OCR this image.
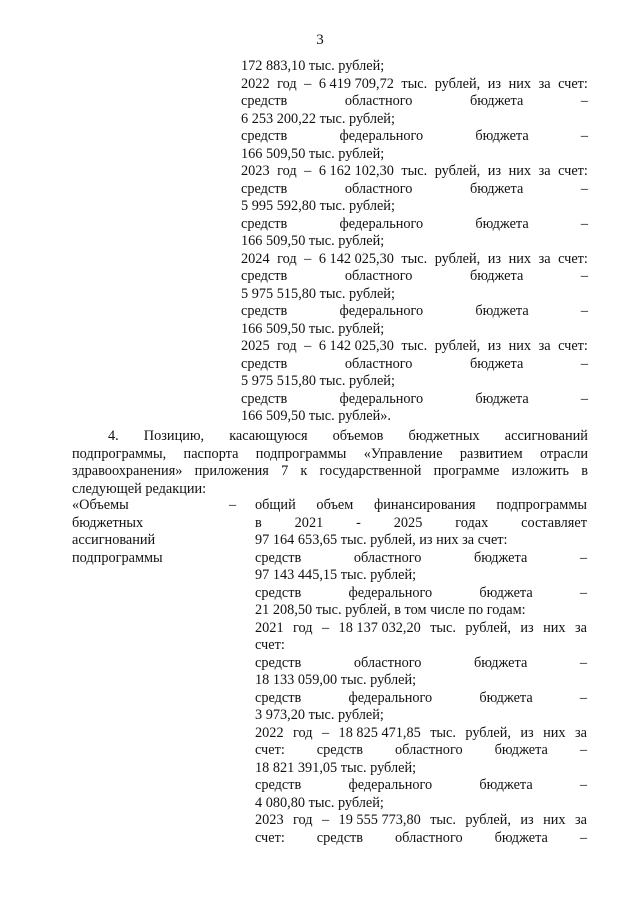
3
172 883,10 тыс. рублей;
2022 год – 6 419 709,72 тыс. рублей, из них за счет:
средств	областного	бюджета	–
6 253 200,22 тыс. рублей;
средств	федерального	бюджета	–
166 509,50 тыс. рублей;
2023 год – 6 162 102,30 тыс. рублей, из них за счет:
средств	областного	бюджета	–
5 995 592,80 тыс. рублей;
средств	федерального	бюджета	–
166 509,50 тыс. рублей;
2024 год – 6 142 025,30 тыс. рублей, из них за счет:
средств	областного	бюджета	–
5 975 515,80 тыс. рублей;
средств	федерального	бюджета	–
166 509,50 тыс. рублей;
2025 год – 6 142 025,30 тыс. рублей, из них за счет:
средств	областного	бюджета	–
5 975 515,80 тыс. рублей;
средств	федерального	бюджета	–
166 509,50 тыс. рублей».
4. Позицию, касающуюся объемов бюджетных ассигнований
подпрограммы, паспорта подпрограммы «Управление развитием отрасли
здравоохранения» приложения 7 к государственной программе изложить в
следующей редакции:
«Объемы
бюджетных
ассигнований
подпрограммы
–	общий объем финансирования подпрограммы
в 2021 - 2025 годах составляет
97 164 653,65 тыс. рублей, из них за счет:
средств	областного	бюджета	–
97 143 445,15 тыс. рублей;
средств	федерального	бюджета	–
21 208,50 тыс. рублей, в том числе по годам:
2021 год – 18 137 032,20 тыс. рублей, из них за
счет:
средств	областного	бюджета	–
18 133 059,00 тыс. рублей;
средств	федерального	бюджета	–
3 973,20 тыс. рублей;
2022 год – 18 825 471,85 тыс. рублей, из них за
счет: средств областного бюджета –
18 821 391,05 тыс. рублей;
средств	федерального	бюджета	–
4 080,80 тыс. рублей;
2023 год – 19 555 773,80 тыс. рублей, из них за
счет: средств областного бюджета –
